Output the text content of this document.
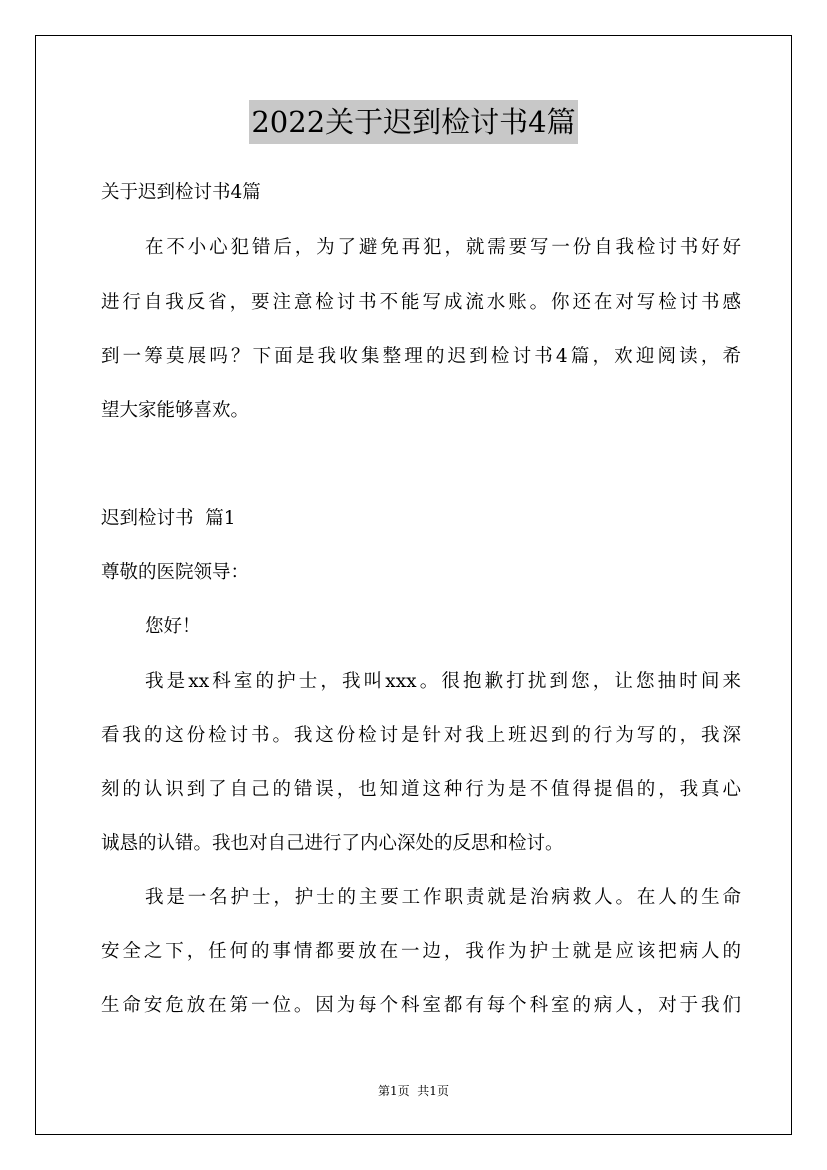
2022关于迟到检讨书4篇

关于迟到检讨书4篇

在不小心犯错后，为了避免再犯，就需要写一份自我检讨书好好

进行自我反省，要注意检讨书不能写成流水账。你还在对写检讨书感

到一筹莫展吗？下面是我收集整理的迟到检讨书4篇，欢迎阅读，希

望大家能够喜欢。

迟到检讨书  篇1

尊敬的医院领导：

您好！

我是xx科室的护士，我叫xxx。很抱歉打扰到您，让您抽时间来

看我的这份检讨书。我这份检讨是针对我上班迟到的行为写的，我深

刻的认识到了自己的错误，也知道这种行为是不值得提倡的，我真心

诚恳的认错。我也对自己进行了内心深处的反思和检讨。

我是一名护士，护士的主要工作职责就是治病救人。在人的生命

安全之下，任何的事情都要放在一边，我作为护士就是应该把病人的

生命安危放在第一位。因为每个科室都有每个科室的病人，对于我们

第1页  共1页
